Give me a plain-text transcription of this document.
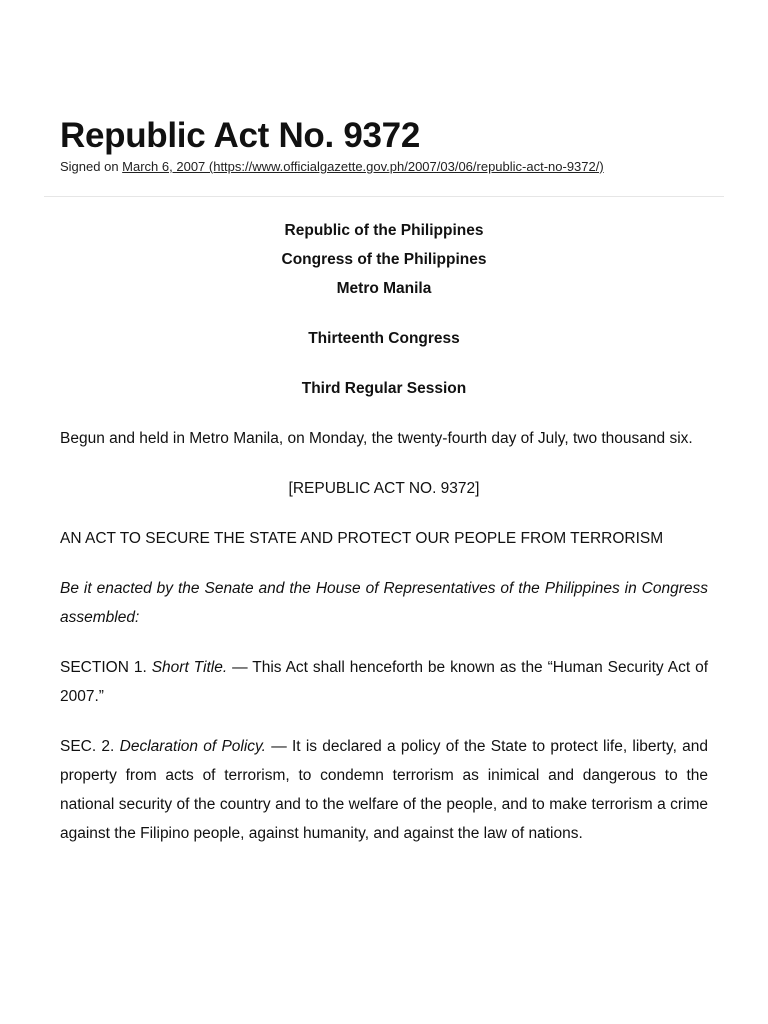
Republic Act No. 9372
Signed on March 6, 2007 (https://www.officialgazette.gov.ph/2007/03/06/republic-act-no-9372/)

Republic of the Philippines

Congress of the Philippines

Metro Manila

Thirteenth Congress

Third Regular Session

Begun and held in Metro Manila, on Monday, the twenty-fourth day of July, two thousand six.

[REPUBLIC ACT NO. 9372]

AN ACT TO SECURE THE STATE AND PROTECT OUR PEOPLE FROM TERRORISM

Be it enacted by the Senate and the House of Representatives of the Philippines in Congress assembled:

SECTION 1. Short Title. — This Act shall henceforth be known as the “Human Security Act of 2007.”

SEC. 2. Declaration of Policy. — It is declared a policy of the State to protect life, liberty, and property from acts of terrorism, to condemn terrorism as inimical and dangerous to the national security of the country and to the welfare of the people, and to make terrorism a crime against the Filipino people, against humanity, and against the law of nations.
